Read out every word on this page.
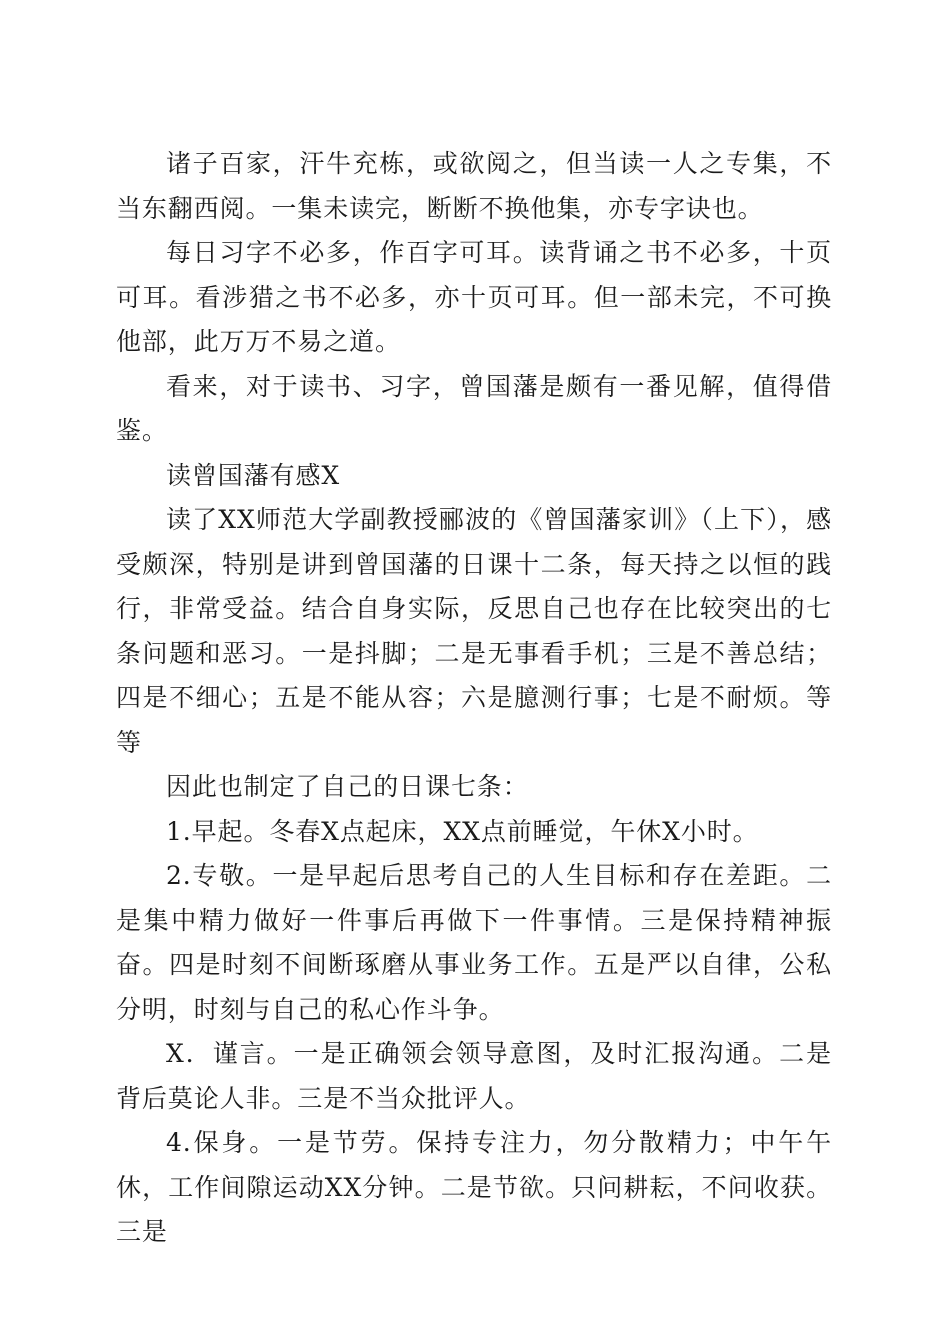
诸子百家，汗牛充栋，或欲阅之，但当读一人之专集，不当东翻西阅。一集未读完，断断不换他集，亦专字诀也。

每日习字不必多，作百字可耳。读背诵之书不必多，十页可耳。看涉猎之书不必多，亦十页可耳。但一部未完，不可换他部，此万万不易之道。

看来，对于读书、习字，曾国藩是颇有一番见解，值得借鉴。

读曾国藩有感X

读了XX师范大学副教授郦波的《曾国藩家训》（上下），感受颇深，特别是讲到曾国藩的日课十二条，每天持之以恒的践行，非常受益。结合自身实际，反思自己也存在比较突出的七条问题和恶习。一是抖脚；二是无事看手机；三是不善总结；四是不细心；五是不能从容；六是臆测行事；七是不耐烦。等等

因此也制定了自己的日课七条：

1.早起。冬春X点起床，XX点前睡觉，午休X小时。

2.专敬。一是早起后思考自己的人生目标和存在差距。二是集中精力做好一件事后再做下一件事情。三是保持精神振奋。四是时刻不间断琢磨从事业务工作。五是严以自律，公私分明，时刻与自己的私心作斗争。

X．谨言。一是正确领会领导意图，及时汇报沟通。二是背后莫论人非。三是不当众批评人。

4.保身。一是节劳。保持专注力，勿分散精力；中午午休，工作间隙运动XX分钟。二是节欲。只问耕耘，不问收获。三是
